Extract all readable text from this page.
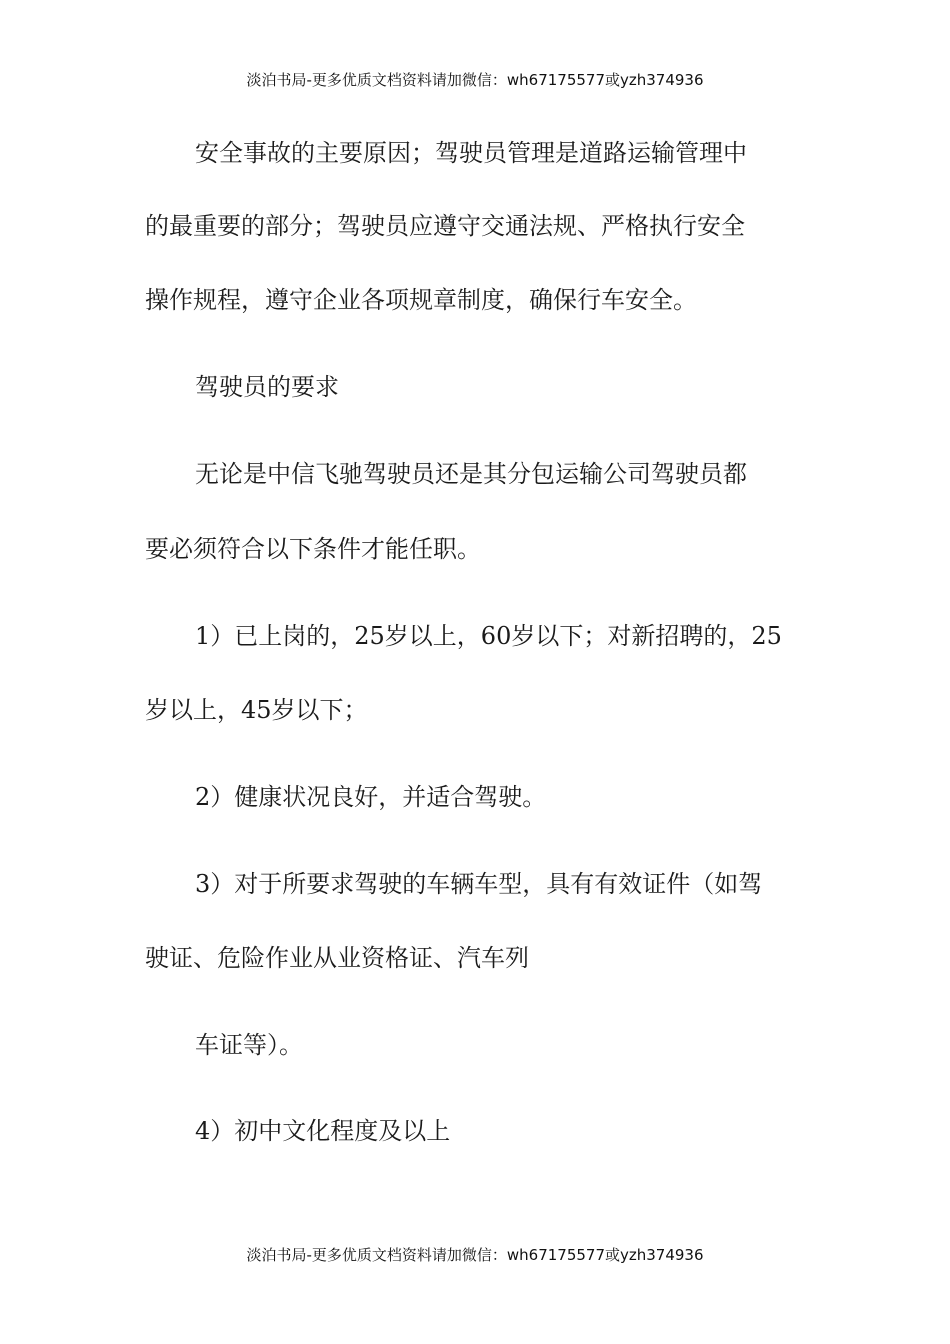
淡泊书局-更多优质文档资料请加微信：wh67175577或yzh374936
安全事故的主要原因；驾驶员管理是道路运输管理中
的最重要的部分；驾驶员应遵守交通法规、严格执行安全
操作规程，遵守企业各项规章制度，确保行车安全。
驾驶员的要求
无论是中信飞驰驾驶员还是其分包运输公司驾驶员都
要必须符合以下条件才能任职。
1）已上岗的，25岁以上，60岁以下；对新招聘的，25
岁以上，45岁以下；
2）健康状况良好，并适合驾驶。
3）对于所要求驾驶的车辆车型，具有有效证件（如驾
驶证、危险作业从业资格证、汽车列
车证等）。
4）初中文化程度及以上
淡泊书局-更多优质文档资料请加微信：wh67175577或yzh374936
